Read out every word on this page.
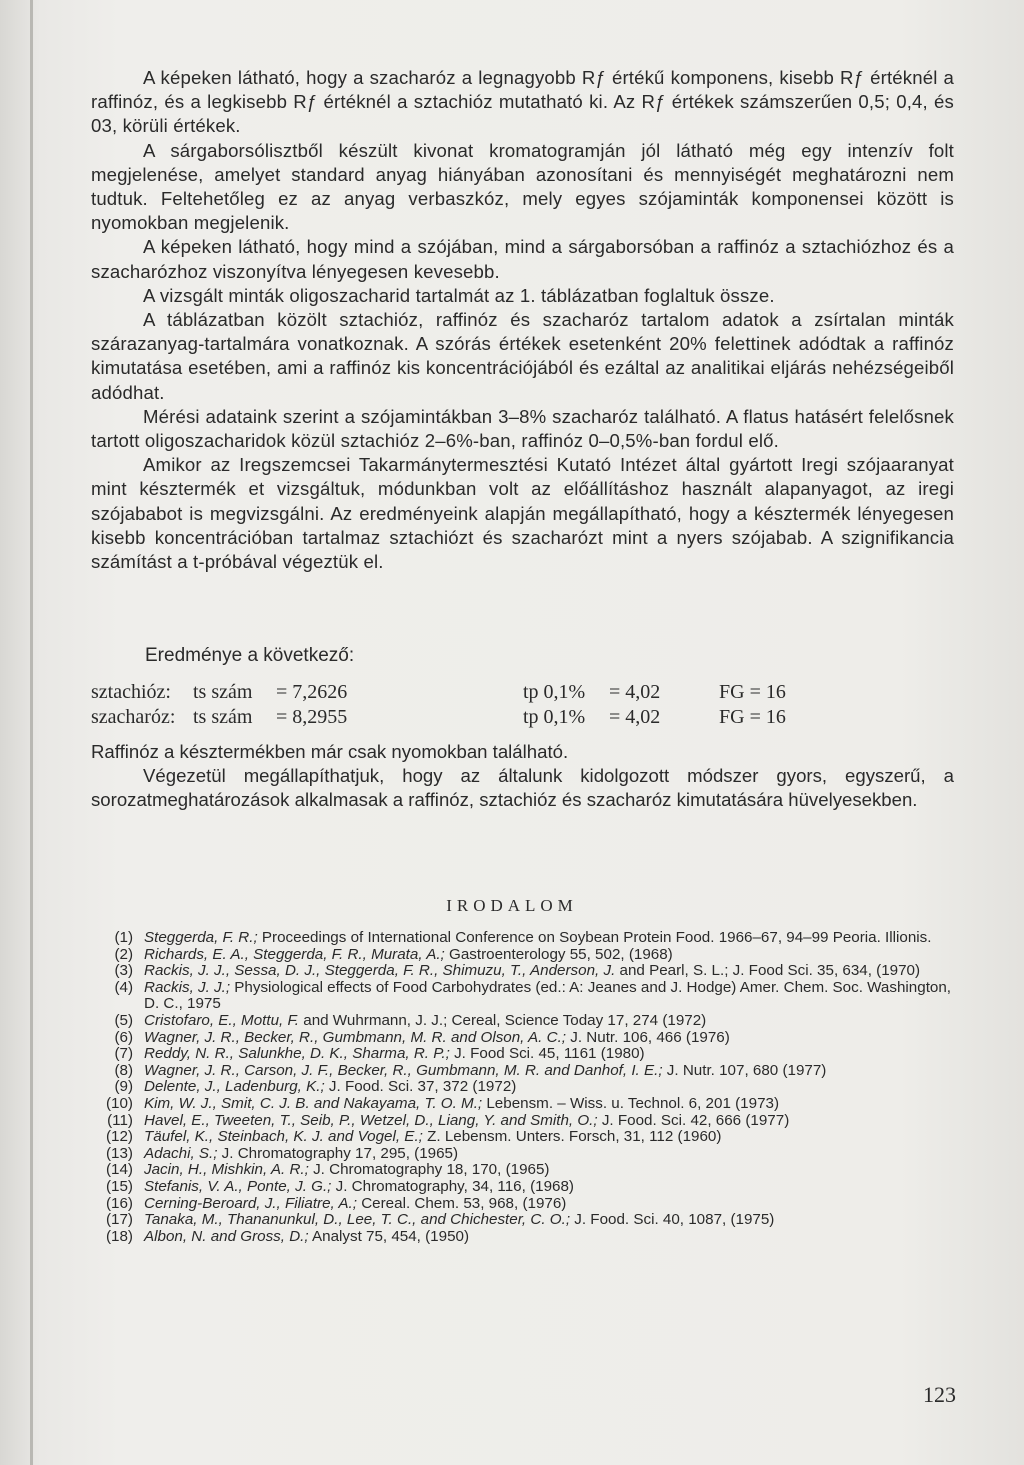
A képeken látható, hogy a szacharóz a legnagyobb Rƒ értékű komponens, kisebb Rƒ értéknél a raffinóz, és a legkisebb Rƒ értéknél a sztachióz mutatható ki. Az Rƒ értékek számszerűen 0,5; 0,4, és 03, körüli értékek.

A sárgaborsólisztből készült kivonat kromatogramján jól látható még egy intenzív folt megjelenése, amelyet standard anyag hiányában azonosítani és mennyiségét meghatározni nem tudtuk. Feltehetőleg ez az anyag verbaszkóz, mely egyes szójaminták komponensei között is nyomokban megjelenik.

A képeken látható, hogy mind a szójában, mind a sárgaborsóban a raffinóz a sztachiózhoz és a szacharózhoz viszonyítva lényegesen kevesebb.

A vizsgált minták oligoszacharid tartalmát az 1. táblázatban foglaltuk össze.

A táblázatban közölt sztachióz, raffinóz és szacharóz tartalom adatok a zsírtalan minták szárazanyag-tartalmára vonatkoznak. A szórás értékek esetenként 20% felettinek adódtak a raffinóz kimutatása esetében, ami a raffinóz kis koncentrációjából és ezáltal az analitikai eljárás nehézségeiből adódhat.

Mérési adataink szerint a szójamintákban 3–8% szacharóz található. A flatus hatásért felelősnek tartott oligoszacharidok közül sztachióz 2–6%-ban, raffinóz 0–0,5%-ban fordul elő.

Amikor az Iregszemcsei Takarmánytermesztési Kutató Intézet által gyártott Iregi szójaaranyat mint késztermék et vizsgáltuk, módunkban volt az előállításhoz használt alapanyagot, az iregi szójababot is megvizsgálni. Az eredményeink alapján megállapítható, hogy a késztermék lényegesen kisebb koncentrációban tartalmaz sztachiózt és szacharózt mint a nyers szójabab. A szignifikancia számítást a t-próbával végeztük el.

Eredménye a következő:
sztachióz: ts szám = 7,2626	tp 0,1% = 4,02	FG = 16
szacharóz: ts szám = 8,2955	tp 0,1% = 4,02	FG = 16

Raffinóz a késztermékben már csak nyomokban található.

Végezetül megállapíthatjuk, hogy az általunk kidolgozott módszer gyors, egyszerű, a sorozatmeghatározások alkalmasak a raffinóz, sztachióz és szacharóz kimutatására hüvelyesekben.

IRODALOM

(1) Steggerda, F. R.; Proceedings of International Conference on Soybean Protein Food. 1966–67, 94–99 Peoria. Illionis.

(2) Richards, E. A., Steggerda, F. R., Murata, A.; Gastroenterology 55, 502, (1968)

(3) Rackis, J. J., Sessa, D. J., Steggerda, F. R., Shimuzu, T., Anderson, J. and Pearl, S. L.; J. Food Sci. 35, 634, (1970)

(4) Rackis, J. J.; Physiological effects of Food Carbohydrates (ed.: A: Jeanes and J. Hodge) Amer. Chem. Soc. Washington, D. C., 1975

(5) Cristofaro, E., Mottu, F. and Wuhrmann, J. J.; Cereal, Science Today 17, 274 (1972)

(6) Wagner, J. R., Becker, R., Gumbmann, M. R. and Olson, A. C.; J. Nutr. 106, 466 (1976)

(7) Reddy, N. R., Salunkhe, D. K., Sharma, R. P.; J. Food Sci. 45, 1161 (1980)

(8) Wagner, J. R., Carson, J. F., Becker, R., Gumbmann, M. R. and Danhof, I. E.; J. Nutr. 107, 680 (1977)

(9) Delente, J., Ladenburg, K.; J. Food. Sci. 37, 372 (1972)

(10) Kim, W. J., Smit, C. J. B. and Nakayama, T. O. M.; Lebensm. – Wiss. u. Technol. 6, 201 (1973)

(11) Havel, E., Tweeten, T., Seib, P., Wetzel, D., Liang, Y. and Smith, O.; J. Food. Sci. 42, 666 (1977)

(12) Täufel, K., Steinbach, K. J. and Vogel, E.; Z. Lebensm. Unters. Forsch, 31, 112 (1960)

(13) Adachi, S.; J. Chromatography 17, 295, (1965)

(14) Jacin, H., Mishkin, A. R.; J. Chromatography 18, 170, (1965)

(15) Stefanis, V. A., Ponte, J. G.; J. Chromatography, 34, 116, (1968)

(16) Cerning-Beroard, J., Filiatre, A.; Cereal. Chem. 53, 968, (1976)

(17) Tanaka, M., Thananunkul, D., Lee, T. C., and Chichester, C. O.; J. Food. Sci. 40, 1087, (1975)

(18) Albon, N. and Gross, D.; Analyst 75, 454, (1950)

123
